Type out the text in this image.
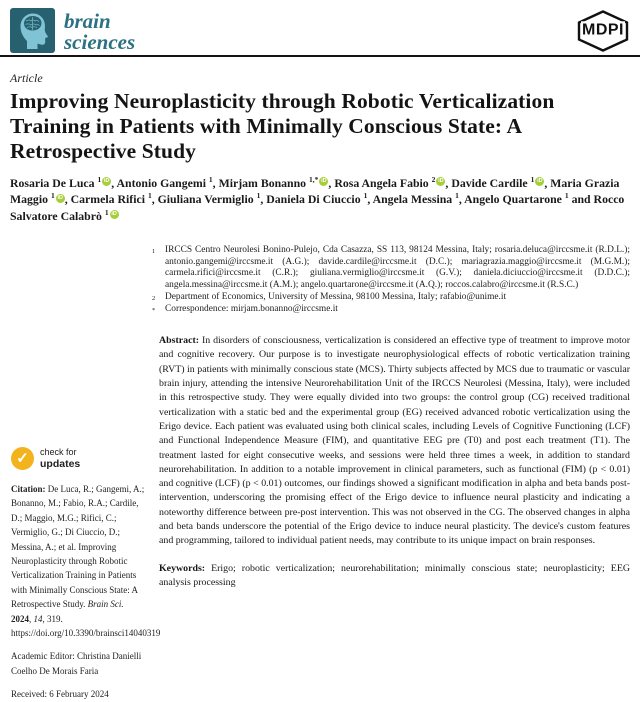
brain
sciences	MDPI
Article
Improving Neuroplasticity through Robotic Verticalization Training in Patients with Minimally Conscious State: A Retrospective Study
Rosaria De Luca $^1$ iD , Antonio Gangemi $^1$, Mirjam Bonanno $^{1,*}$ iD , Rosa Angela Fabio $^2$ iD , Davide Cardile $^1$ iD , Maria Grazia Maggio $^1$ iD , Carmela Rifici $^1$, Giuliana Vermiglio $^1$, Daniela Di Ciuccio $^1$, Angela Messina $^1$, Angelo Quartarone $^1$ and Rocco Salvatore Calabrò $^1$ iD
✓	check for
updates

Citation: De Luca, R.; Gangemi, A.; Bonanno, M.; Fabio, R.A.; Cardile, D.; Maggio, M.G.; Rifici, C.; Vermiglio, G.; Di Ciuccio, D.; Messina, A.; et al. Improving Neuroplasticity through Robotic Verticalization Training in Patients with Minimally Conscious State: A Retrospective Study. Brain Sci. 2024, 14, 319. https://doi.org/10.3390/brainsci14040319

Academic Editor: Christina Danielli Coelho De Morais Faria

Received: 6 February 2024

1	IRCCS Centro Neurolesi Bonino-Pulejo, Cda Casazza, SS 113, 98124 Messina, Italy; rosaria.deluca@irccsme.it (R.D.L.); antonio.gangemi@irccsme.it (A.G.); davide.cardile@irccsme.it (D.C.); mariagrazia.maggio@irccsme.it (M.G.M.); carmela.rifici@irccsme.it (C.R.); giuliana.vermiglio@irccsme.it (G.V.); daniela.diciuccio@irccsme.it (D.D.C.); angela.messina@irccsme.it (A.M.); angelo.quartarone@irccsme.it (A.Q.); roccos.calabro@irccsme.it (R.S.C.)
2	Department of Economics, University of Messina, 98100 Messina, Italy; rafabio@unime.it
*	Correspondence: mirjam.bonanno@irccsme.it

Abstract: In disorders of consciousness, verticalization is considered an effective type of treatment to improve motor and cognitive recovery. Our purpose is to investigate neurophysiological effects of robotic verticalization training (RVT) in patients with minimally conscious state (MCS). Thirty subjects affected by MCS due to traumatic or vascular brain injury, attending the intensive Neurorehabilitation Unit of the IRCCS Neurolesi (Messina, Italy), were included in this retrospective study. They were equally divided into two groups: the control group (CG) received traditional verticalization with a static bed and the experimental group (EG) received advanced robotic verticalization using the Erigo device. Each patient was evaluated using both clinical scales, including Levels of Cognitive Functioning (LCF) and Functional Independence Measure (FIM), and quantitative EEG pre (T0) and post each treatment (T1). The treatment lasted for eight consecutive weeks, and sessions were held three times a week, in addition to standard neurorehabilitation. In addition to a notable improvement in clinical parameters, such as functional (FIM) (p < 0.01) and cognitive (LCF) (p < 0.01) outcomes, our findings showed a significant modification in alpha and beta bands post-intervention, underscoring the promising effect of the Erigo device to influence neural plasticity and indicating a noteworthy difference between pre-post intervention. This was not observed in the CG. The observed changes in alpha and beta bands underscore the potential of the Erigo device to induce neural plasticity. The device's custom features and programming, tailored to individual patient needs, may contribute to its unique impact on brain responses.

Keywords: Erigo; robotic verticalization; neurorehabilitation; minimally conscious state; neuroplasticity; EEG analysis processing
